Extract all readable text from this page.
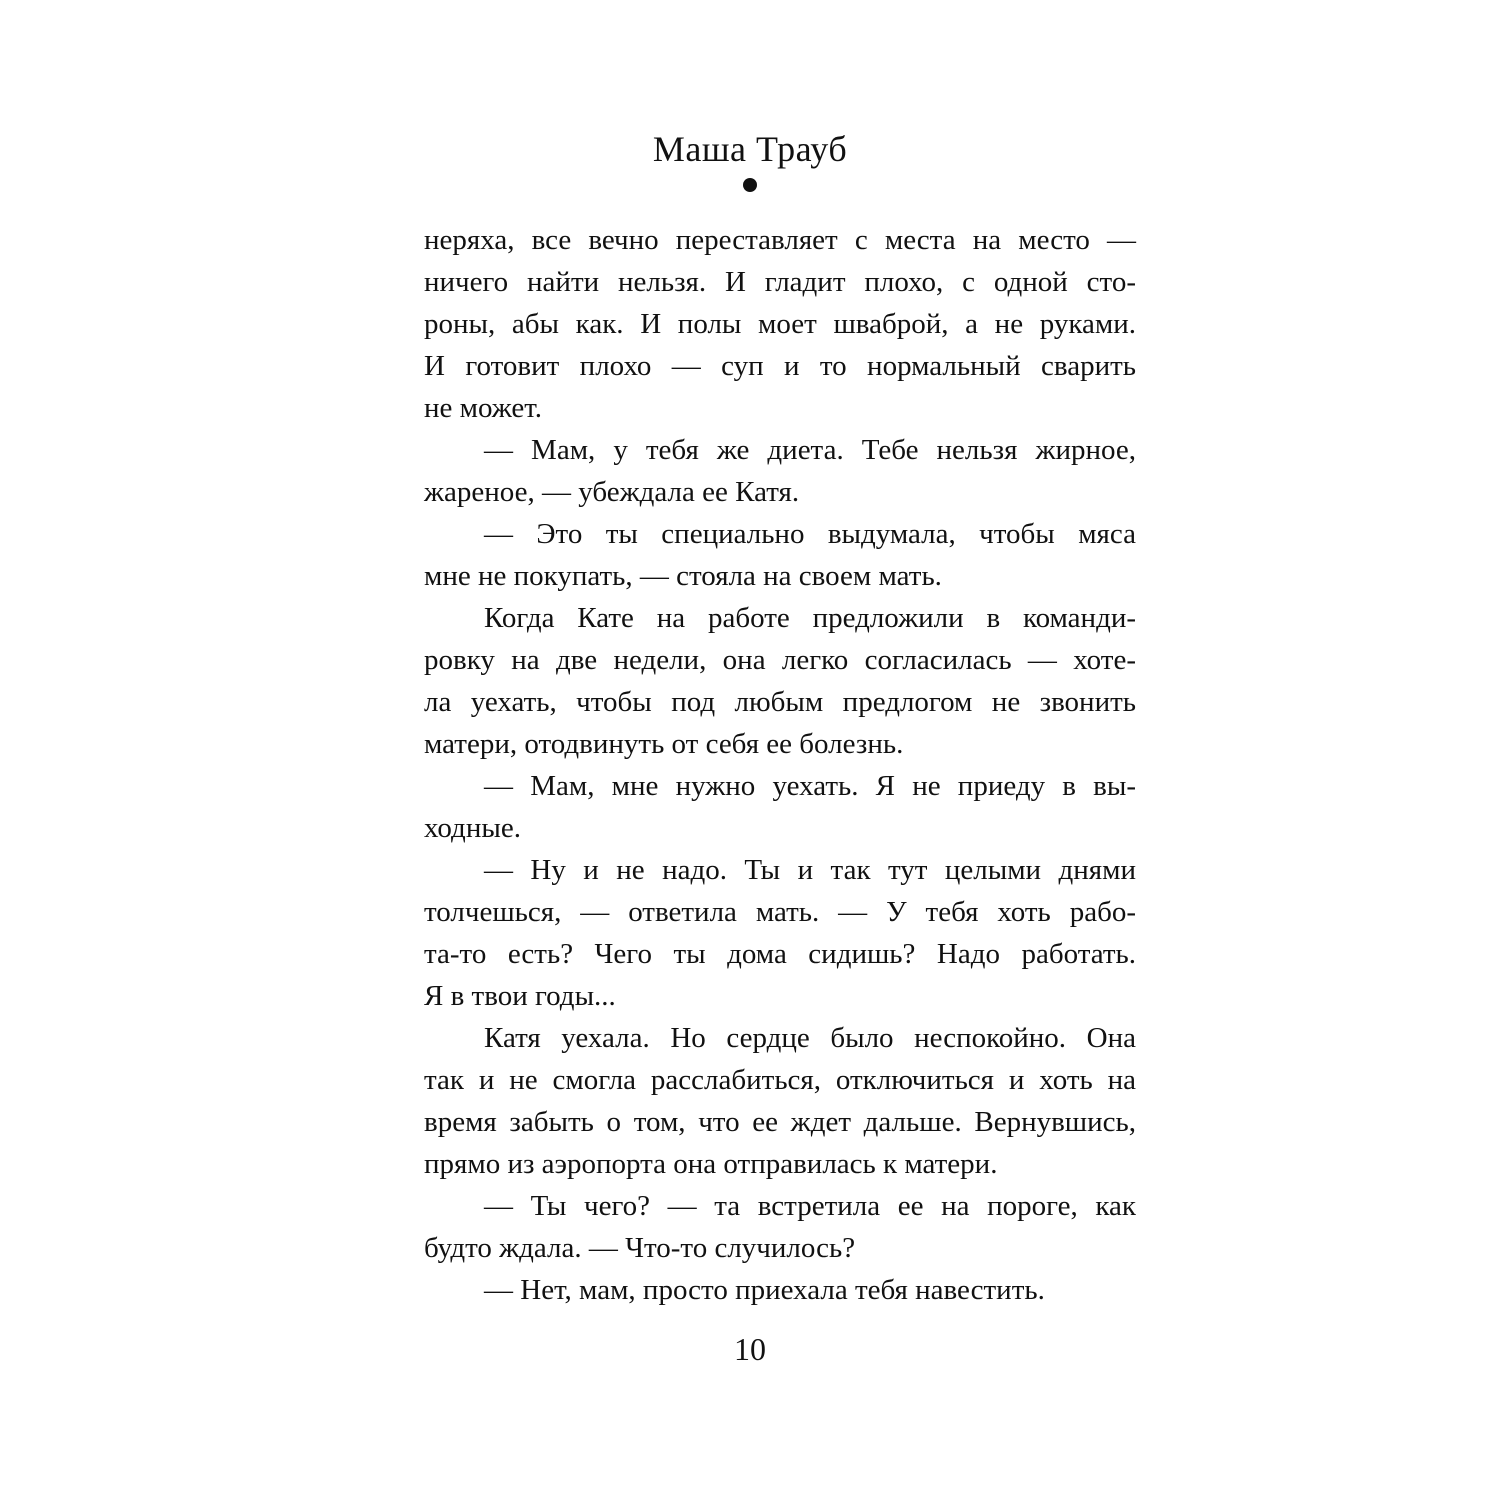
Маша Трауб
неряха, все вечно переставляет с места на место —
ничего найти нельзя. И гладит плохо, с одной сто-
роны, абы как. И полы моет шваброй, а не руками.
И готовит плохо — суп и то нормальный сварить
не может.
— Мам, у тебя же диета. Тебе нельзя жирное,
жареное, — убеждала ее Катя.
— Это ты специально выдумала, чтобы мяса
мне не покупать, — стояла на своем мать.
Когда Кате на работе предложили в команди-
ровку на две недели, она легко согласилась — хоте-
ла уехать, чтобы под любым предлогом не звонить
матери, отодвинуть от себя ее болезнь.
— Мам, мне нужно уехать. Я не приеду в вы-
ходные.
— Ну и не надо. Ты и так тут целыми днями
толчешься, — ответила мать. — У тебя хоть рабо-
та-то есть? Чего ты дома сидишь? Надо работать.
Я в твои годы...
Катя уехала. Но сердце было неспокойно. Она
так и не смогла расслабиться, отключиться и хоть на
время забыть о том, что ее ждет дальше. Вернувшись,
прямо из аэропорта она отправилась к матери.
— Ты чего? — та встретила ее на пороге, как
будто ждала. — Что-то случилось?
— Нет, мам, просто приехала тебя навестить.
10
